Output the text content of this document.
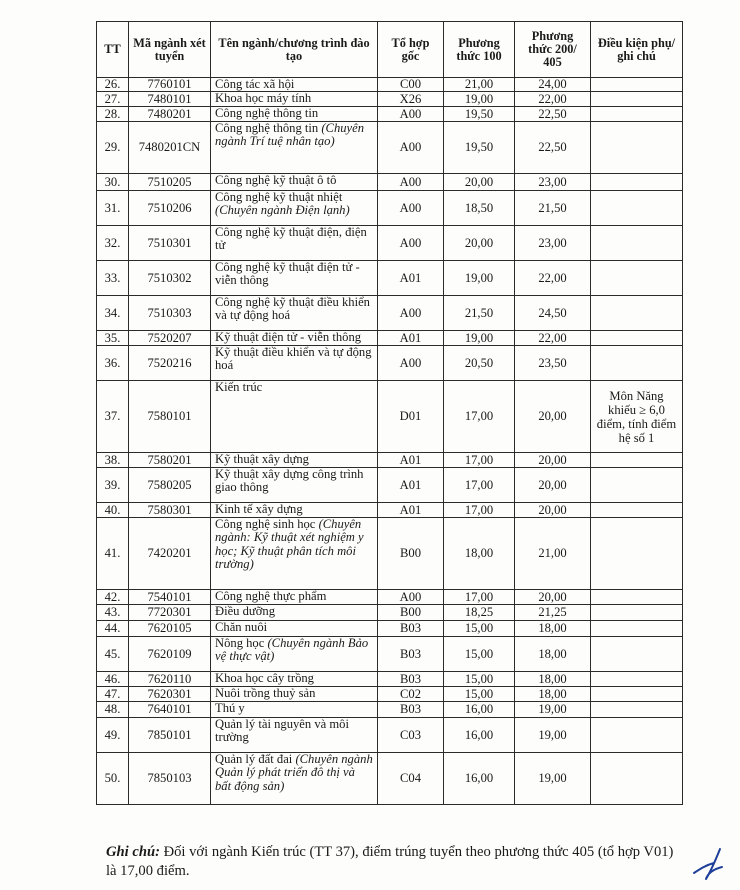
TT	Mã ngành xét tuyển	Tên ngành/chương trình đào tạo	Tổ hợp gốc	Phương thức 100	Phương thức 200/ 405	Điều kiện phụ/ ghi chú
26.	7760101	Công tác xã hội	C00	21,00	24,00	
27.	7480101	Khoa học máy tính	X26	19,00	22,00	
28.	7480201	Công nghệ thông tin	A00	19,50	22,50	
29.	7480201CN	Công nghệ thông tin (Chuyên ngành Trí tuệ nhân tạo)	A00	19,50	22,50	
30.	7510205	Công nghệ kỹ thuật ô tô	A00	20,00	23,00	
31.	7510206	Công nghệ kỹ thuật nhiệt (Chuyên ngành Điện lạnh)	A00	18,50	21,50	
32.	7510301	Công nghệ kỹ thuật điện, điện tử	A00	20,00	23,00	
33.	7510302	Công nghệ kỹ thuật điện tử - viễn thông	A01	19,00	22,00	
34.	7510303	Công nghệ kỹ thuật điều khiển và tự động hoá	A00	21,50	24,50	
35.	7520207	Kỹ thuật điện tử - viễn thông	A01	19,00	22,00	
36.	7520216	Kỹ thuật điều khiển và tự động hoá	A00	20,50	23,50	
37.	7580101	Kiến trúc	D01	17,00	20,00	Môn Năng khiếu ≥ 6,0 điểm, tính điểm hệ số 1
38.	7580201	Kỹ thuật xây dựng	A01	17,00	20,00	
39.	7580205	Kỹ thuật xây dựng công trình giao thông	A01	17,00	20,00	
40.	7580301	Kinh tế xây dựng	A01	17,00	20,00	
41.	7420201	Công nghệ sinh học (Chuyên ngành: Kỹ thuật xét nghiệm y học; Kỹ thuật phân tích môi trường)	B00	18,00	21,00	
42.	7540101	Công nghệ thực phẩm	A00	17,00	20,00	
43.	7720301	Điều dưỡng	B00	18,25	21,25	
44.	7620105	Chăn nuôi	B03	15,00	18,00	
45.	7620109	Nông học (Chuyên ngành Bảo vệ thực vật)	B03	15,00	18,00	
46.	7620110	Khoa học cây trồng	B03	15,00	18,00	
47.	7620301	Nuôi trồng thuỷ sản	C02	15,00	18,00	
48.	7640101	Thú y	B03	16,00	19,00	
49.	7850101	Quản lý tài nguyên và môi trường	C03	16,00	19,00	
50.	7850103	Quản lý đất đai (Chuyên ngành Quản lý phát triển đô thị và bất động sản)	C04	16,00	19,00	
Ghi chú: Đối với ngành Kiến trúc (TT 37), điểm trúng tuyển theo phương thức 405 (tổ hợp V01) là 17,00 điểm.
